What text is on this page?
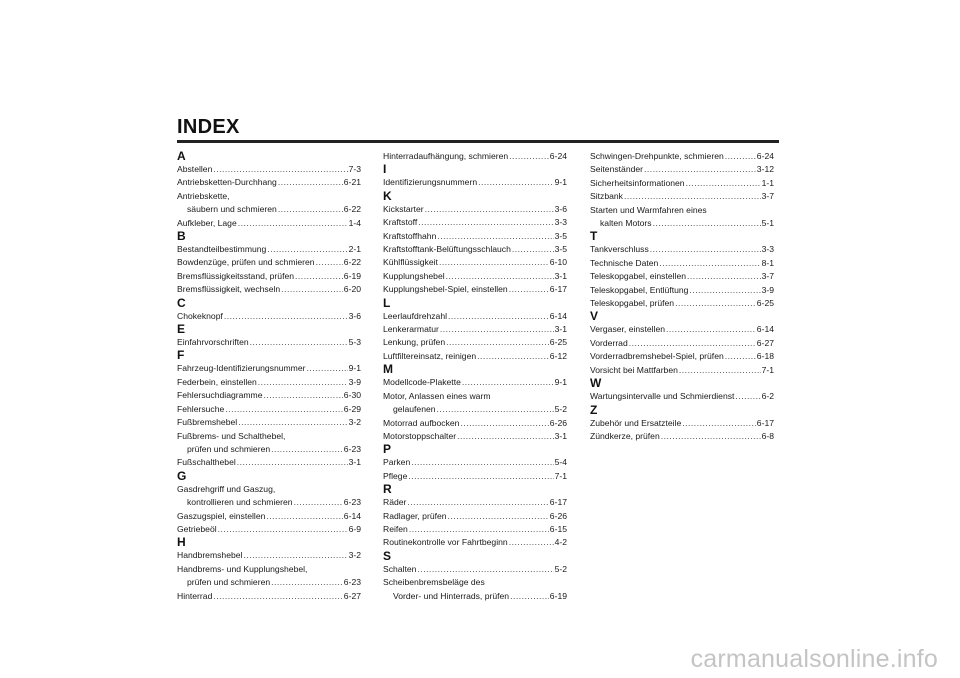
INDEX
A
Abstellen .....	7-3
Antriebsketten-Durchhang .....	6-21
Antriebskette,
säubern und schmieren .....	6-22
Aufkleber, Lage .....	1-4
B
Bestandteilbestimmung .....	2-1
Bowdenzüge, prüfen und schmieren .....	6-22
Bremsflüssigkeitsstand, prüfen .....	6-19
Bremsflüssigkeit, wechseln .....	6-20
C
Chokeknopf .....	3-6
E
Einfahrvorschriften .....	5-3
F
Fahrzeug-Identifizierungsnummer .....	9-1
Federbein, einstellen .....	3-9
Fehlersuchdiagramme .....	6-30
Fehlersuche .....	6-29
Fußbremshebel .....	3-2
Fußbrems- und Schalthebel,
prüfen und schmieren .....	6-23
Fußschalthebel .....	3-1
G
Gasdrehgriff und Gaszug,
kontrollieren und schmieren .....	6-23
Gaszugspiel, einstellen .....	6-14
Getriebeöl .....	6-9
H
Handbremshebel .....	3-2
Handbrems- und Kupplungshebel,
prüfen und schmieren .....	6-23
Hinterrad .....	6-27
Hinterradaufhängung, schmieren .....	6-24
I
Identifizierungsnummern .....	9-1
K
Kickstarter .....	3-6
Kraftstoff .....	3-3
Kraftstoffhahn .....	3-5
Kraftstofftank-Belüftungsschlauch .....	3-5
Kühlflüssigkeit .....	6-10
Kupplungshebel .....	3-1
Kupplungshebel-Spiel, einstellen .....	6-17
L
Leerlaufdrehzahl .....	6-14
Lenkerarmatur .....	3-1
Lenkung, prüfen .....	6-25
Luftfiltereinsatz, reinigen .....	6-12
M
Modellcode-Plakette .....	9-1
Motor, Anlassen eines warm
gelaufenen .....	5-2
Motorrad aufbocken .....	6-26
Motorstoppschalter .....	3-1
P
Parken .....	5-4
Pflege .....	7-1
R
Räder .....	6-17
Radlager, prüfen .....	6-26
Reifen .....	6-15
Routinekontrolle vor Fahrtbeginn .....	4-2
S
Schalten .....	5-2
Scheibenbremsbeläge des
Vorder- und Hinterrads, prüfen .....	6-19
Schwingen-Drehpunkte, schmieren .....	6-24
Seitenständer .....	3-12
Sicherheitsinformationen .....	1-1
Sitzbank .....	3-7
Starten und Warmfahren eines
kalten Motors .....	5-1
T
Tankverschluss .....	3-3
Technische Daten .....	8-1
Teleskopgabel, einstellen .....	3-7
Teleskopgabel, Entlüftung .....	3-9
Teleskopgabel, prüfen .....	6-25
V
Vergaser, einstellen .....	6-14
Vorderrad .....	6-27
Vorderradbremshebel-Spiel, prüfen .....	6-18
Vorsicht bei Mattfarben .....	7-1
W
Wartungsintervalle und Schmierdienst .....	6-2
Z
Zubehör und Ersatzteile .....	6-17
Zündkerze, prüfen .....	6-8
carmanualsonline.info
